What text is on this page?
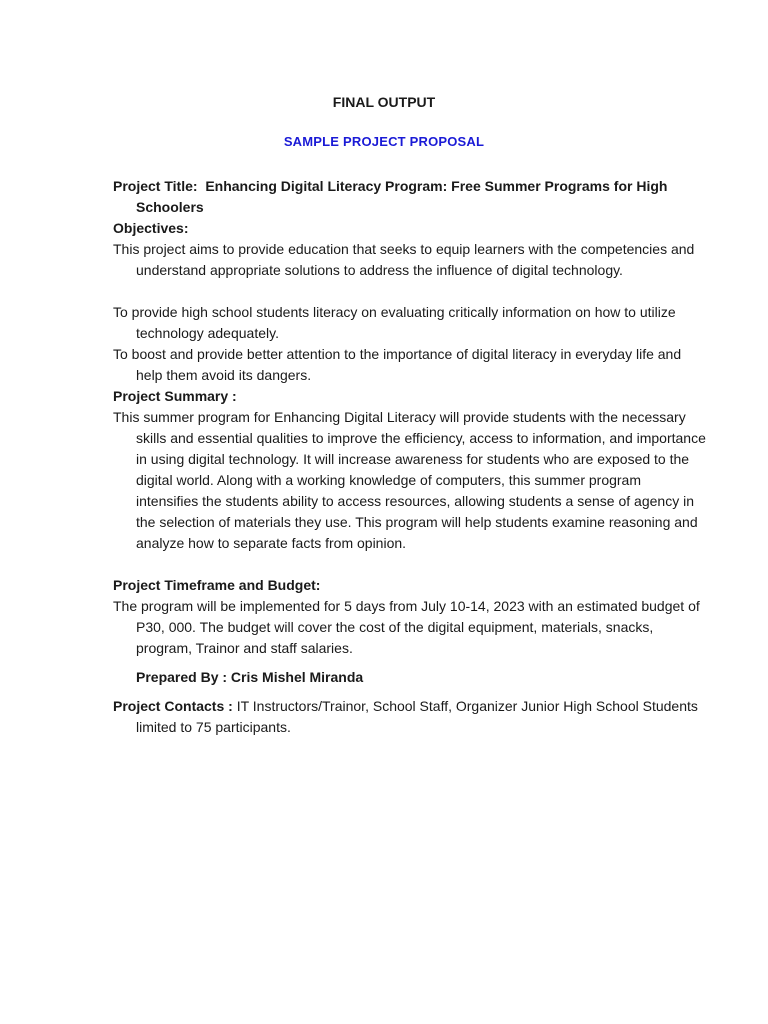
FINAL OUTPUT
SAMPLE PROJECT PROPOSAL
Project Title: Enhancing Digital Literacy Program: Free Summer Programs for High Schoolers
Objectives:
This project aims to provide education that seeks to equip learners with the competencies and understand appropriate solutions to address the influence of digital technology.
To provide high school students literacy on evaluating critically information on how to utilize technology adequately.
To boost and provide better attention to the importance of digital literacy in everyday life and help them avoid its dangers.
Project Summary :
This summer program for Enhancing Digital Literacy will provide students with the necessary skills and essential qualities to improve the efficiency, access to information, and importance in using digital technology. It will increase awareness for students who are exposed to the digital world. Along with a working knowledge of computers, this summer program intensifies the students ability to access resources, allowing students a sense of agency in the selection of materials they use. This program will help students examine reasoning and analyze how to separate facts from opinion.
Project Timeframe and Budget:
The program will be implemented for 5 days from July 10-14, 2023 with an estimated budget of P30, 000. The budget will cover the cost of the digital equipment, materials, snacks, program, Trainor and staff salaries.
Prepared By : Cris Mishel Miranda
Project Contacts : IT Instructors/Trainor, School Staff, Organizer Junior High School Students limited to 75 participants.
